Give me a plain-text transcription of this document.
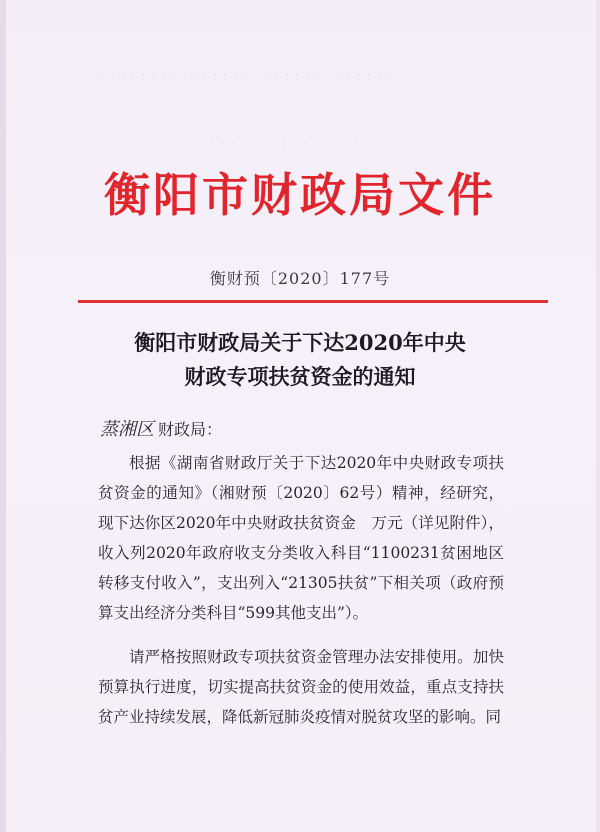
· · · · · · · · · · · · · · · · · · · · · · · · · · · · ·
· · · · · · · · · · · · · · · · ·
衡阳市财政局文件
衡财预〔2020〕177号
衡阳市财政局关于下达2020年中央
财政专项扶贫资金的通知
蒸湘区 财政局：
根据《湖南省财政厅关于下达2020年中央财政专项扶贫资金的通知》（湘财预〔2020〕62号）精神，经研究，现下达你区2020年中央财政扶贫资金　万元（详见附件），收入列2020年政府收支分类收入科目“1100231贫困地区转移支付收入”，支出列入“21305扶贫”下相关项（政府预算支出经济分类科目“599其他支出”）。
请严格按照财政专项扶贫资金管理办法安排使用。加快预算执行进度，切实提高扶贫资金的使用效益，重点支持扶贫产业持续发展，降低新冠肺炎疫情对脱贫攻坚的影响。同
